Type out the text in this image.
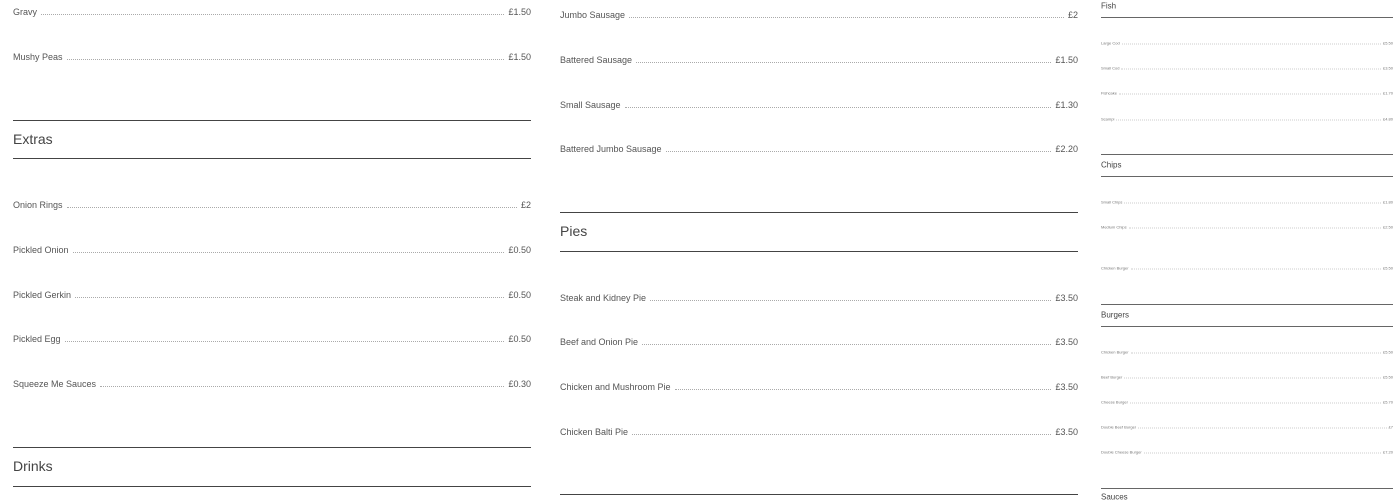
Gravy	£1.50
Mushy Peas	£1.50
Extras
Onion Rings	£2
Pickled Onion	£0.50
Pickled Gerkin	£0.50
Pickled Egg	£0.50
Squeeze Me Sauces	£0.30
Drinks
Jumbo Sausage	£2
Battered Sausage	£1.50
Small Sausage	£1.30
Battered Jumbo Sausage	£2.20
Pies
Steak and Kidney Pie	£3.50
Beef and Onion Pie	£3.50
Chicken and Mushroom Pie	£3.50
Chicken Balti Pie	£3.50
Fish
Large Cod	£5.50
Small Cod	£3.50
Fishcake	£1.70
Scampi	£4.80
Chips
Small Chips	£1.80
Medium Chips	£2.50
Chicken Burger	£5.50
Burgers
Chicken Burger	£5.50
Beef Burger	£5.50
Cheese Burger	£5.70
Double Beef Burger	£7
Double Cheese Burger	£7.20
Sauces
